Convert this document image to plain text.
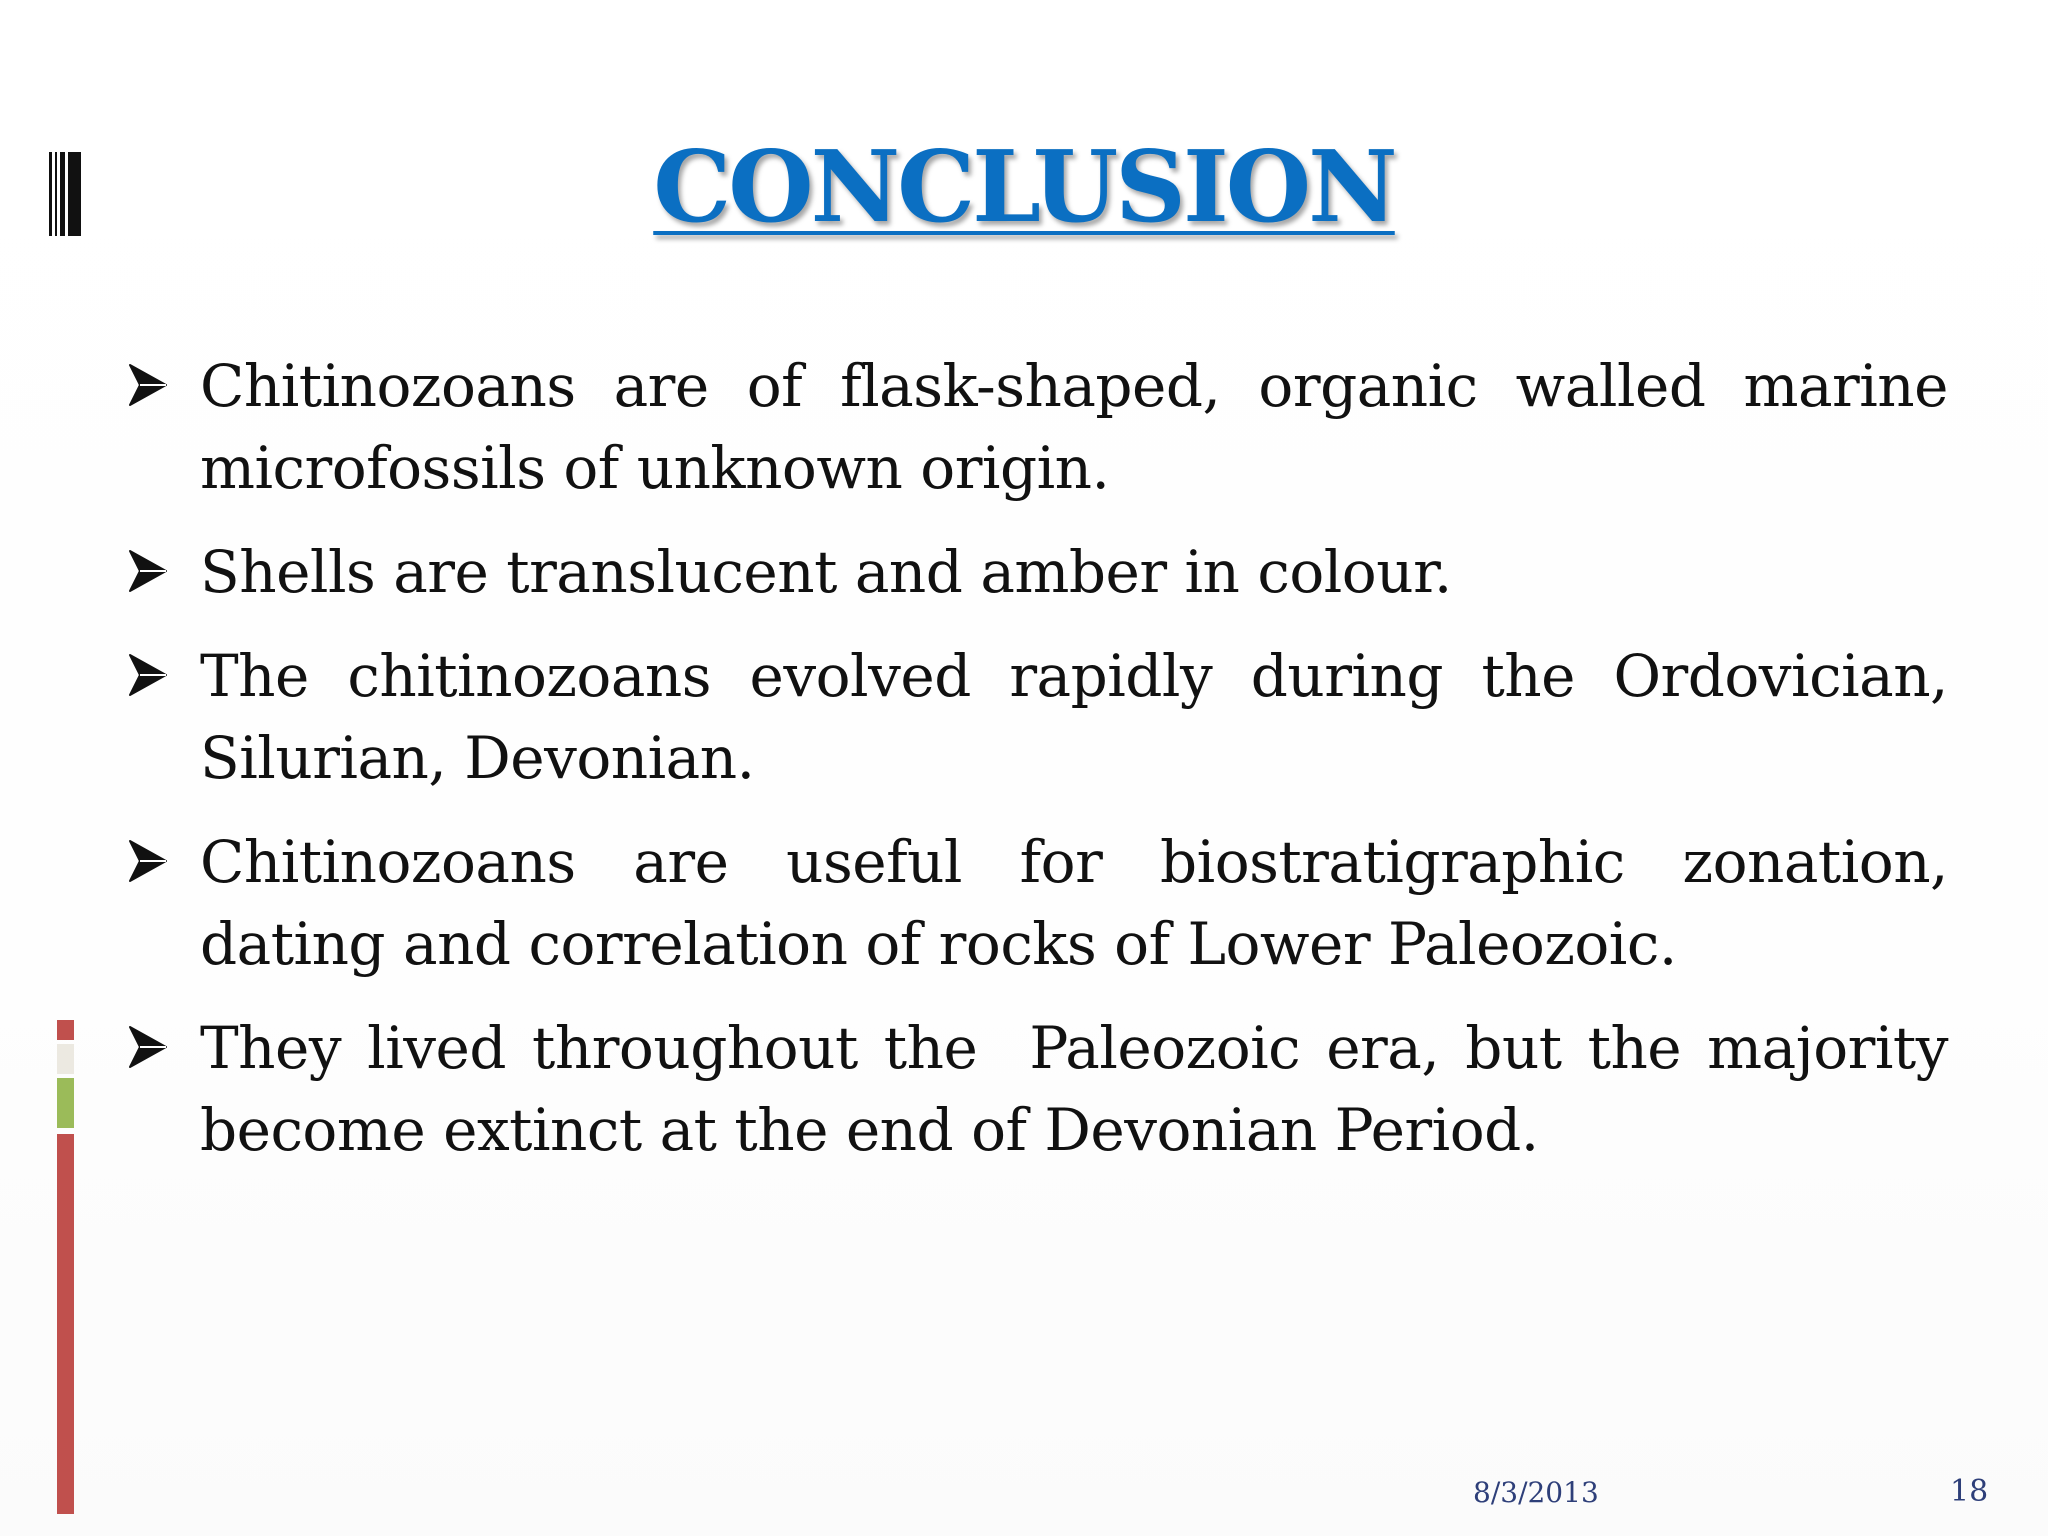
CONCLUSION
Chitinozoans are of flask-shaped, organic walled marine microfossils of unknown origin.
Shells are translucent and amber in colour.
The chitinozoans evolved rapidly during the Ordovician, Silurian, Devonian.
Chitinozoans are useful for biostratigraphic zonation, dating and correlation of rocks of Lower Paleozoic.
They lived throughout the  Paleozoic era, but the majority become extinct at the end of Devonian Period.
8/3/2013	18
